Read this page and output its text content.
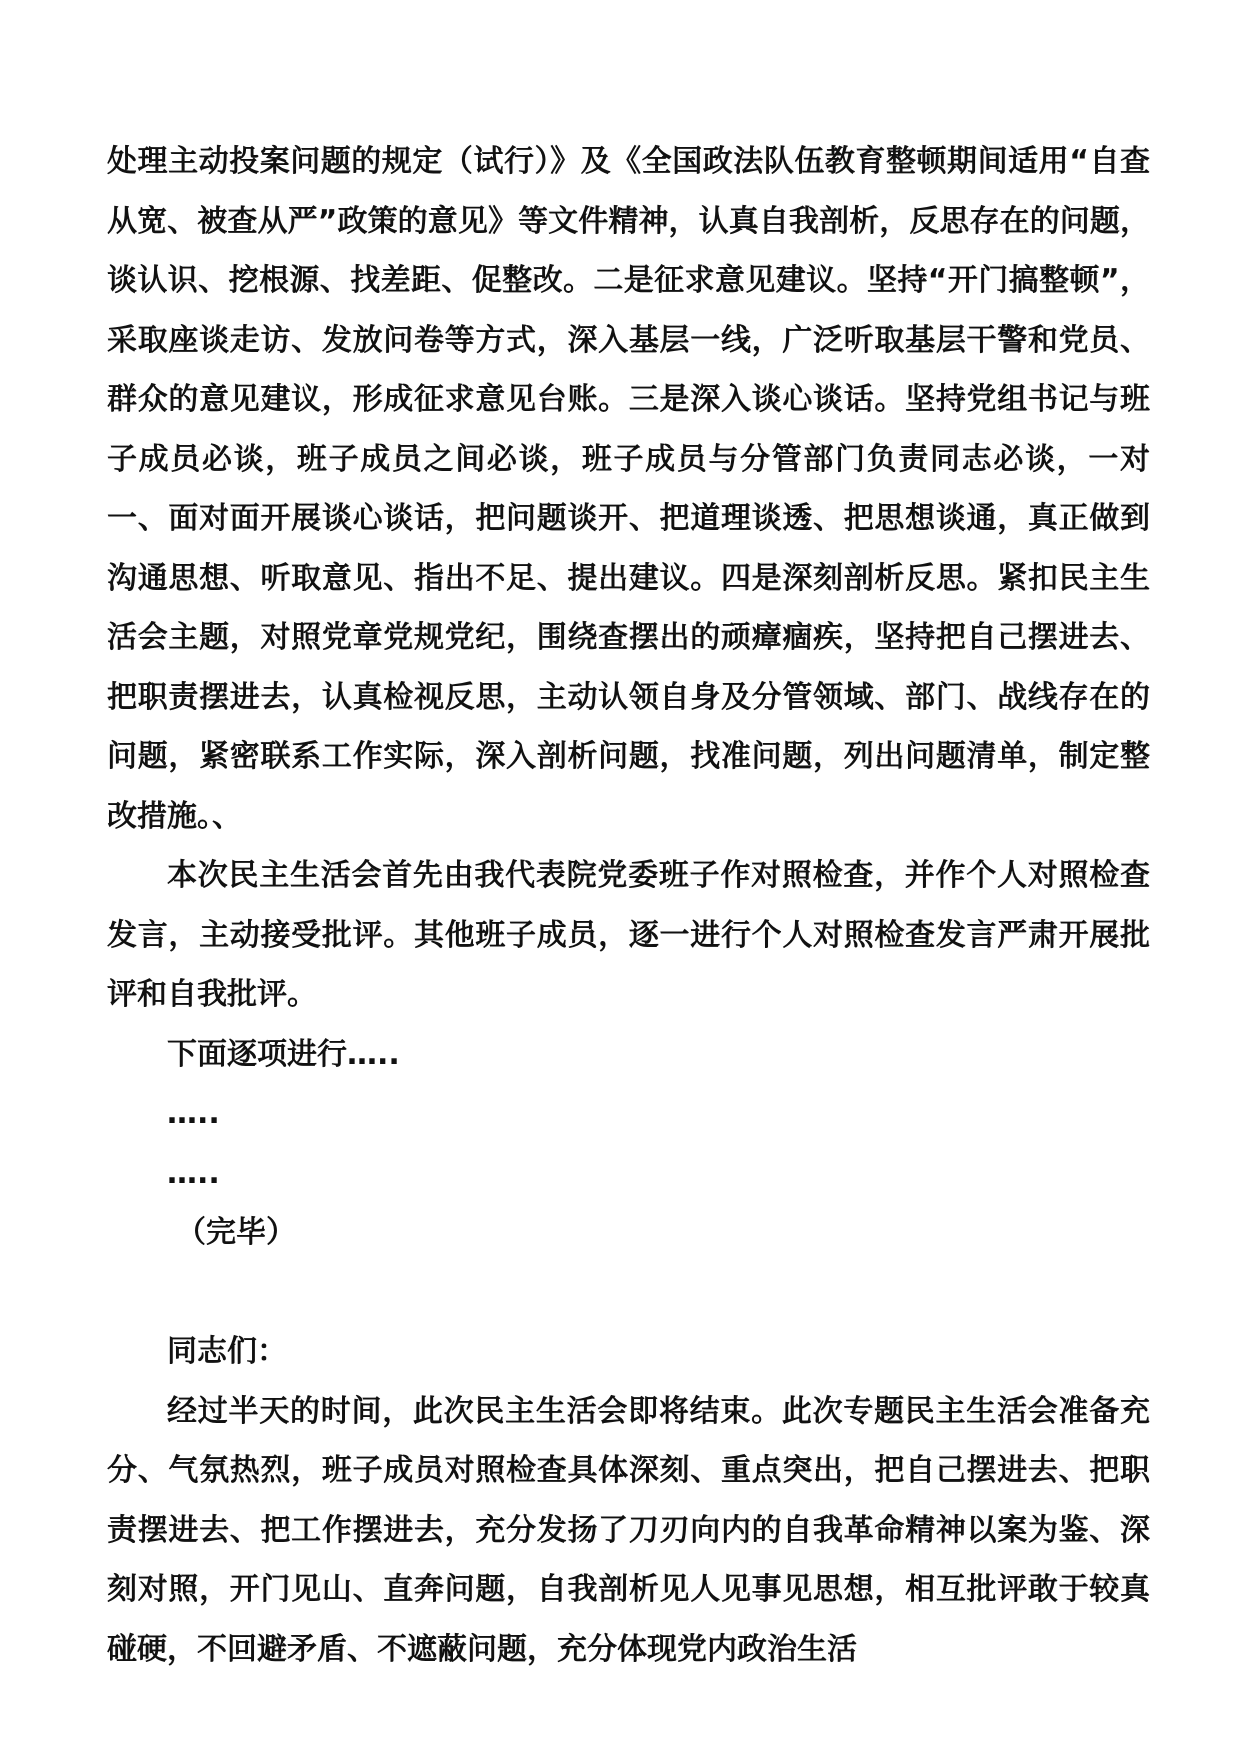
处理主动投案问题的规定（试行）》及《全国政法队伍教育整顿期间适用“自查从宽、被查从严”政策的意见》等文件精神，认真自我剖析，反思存在的问题，谈认识、挖根源、找差距、促整改。二是征求意见建议。坚持“开门搞整顿”，采取座谈走访、发放问卷等方式，深入基层一线，广泛听取基层干警和党员、群众的意见建议，形成征求意见台账。三是深入谈心谈话。坚持党组书记与班子成员必谈，班子成员之间必谈，班子成员与分管部门负责同志必谈，一对一、面对面开展谈心谈话，把问题谈开、把道理谈透、把思想谈通，真正做到沟通思想、听取意见、指出不足、提出建议。四是深刻剖析反思。紧扣民主生活会主题，对照党章党规党纪，围绕查摆出的顽瘴痼疾，坚持把自己摆进去、把职责摆进去，认真检视反思，主动认领自身及分管领域、部门、战线存在的问题，紧密联系工作实际，深入剖析问题，找准问题，列出问题清单，制定整改措施。、

本次民主生活会首先由我代表院党委班子作对照检查，并作个人对照检查发言，主动接受批评。其他班子成员，逐一进行个人对照检查发言严肃开展批评和自我批评。

下面逐项进行…..

…..

…..

（完毕）

同志们：

经过半天的时间，此次民主生活会即将结束。此次专题民主生活会准备充分、气氛热烈，班子成员对照检查具体深刻、重点突出，把自己摆进去、把职责摆进去、把工作摆进去，充分发扬了刀刃向内的自我革命精神以案为鉴、深刻对照，开门见山、直奔问题，自我剖析见人见事见思想，相互批评敢于较真碰硬，不回避矛盾、不遮蔽问题，充分体现党内政治生活
